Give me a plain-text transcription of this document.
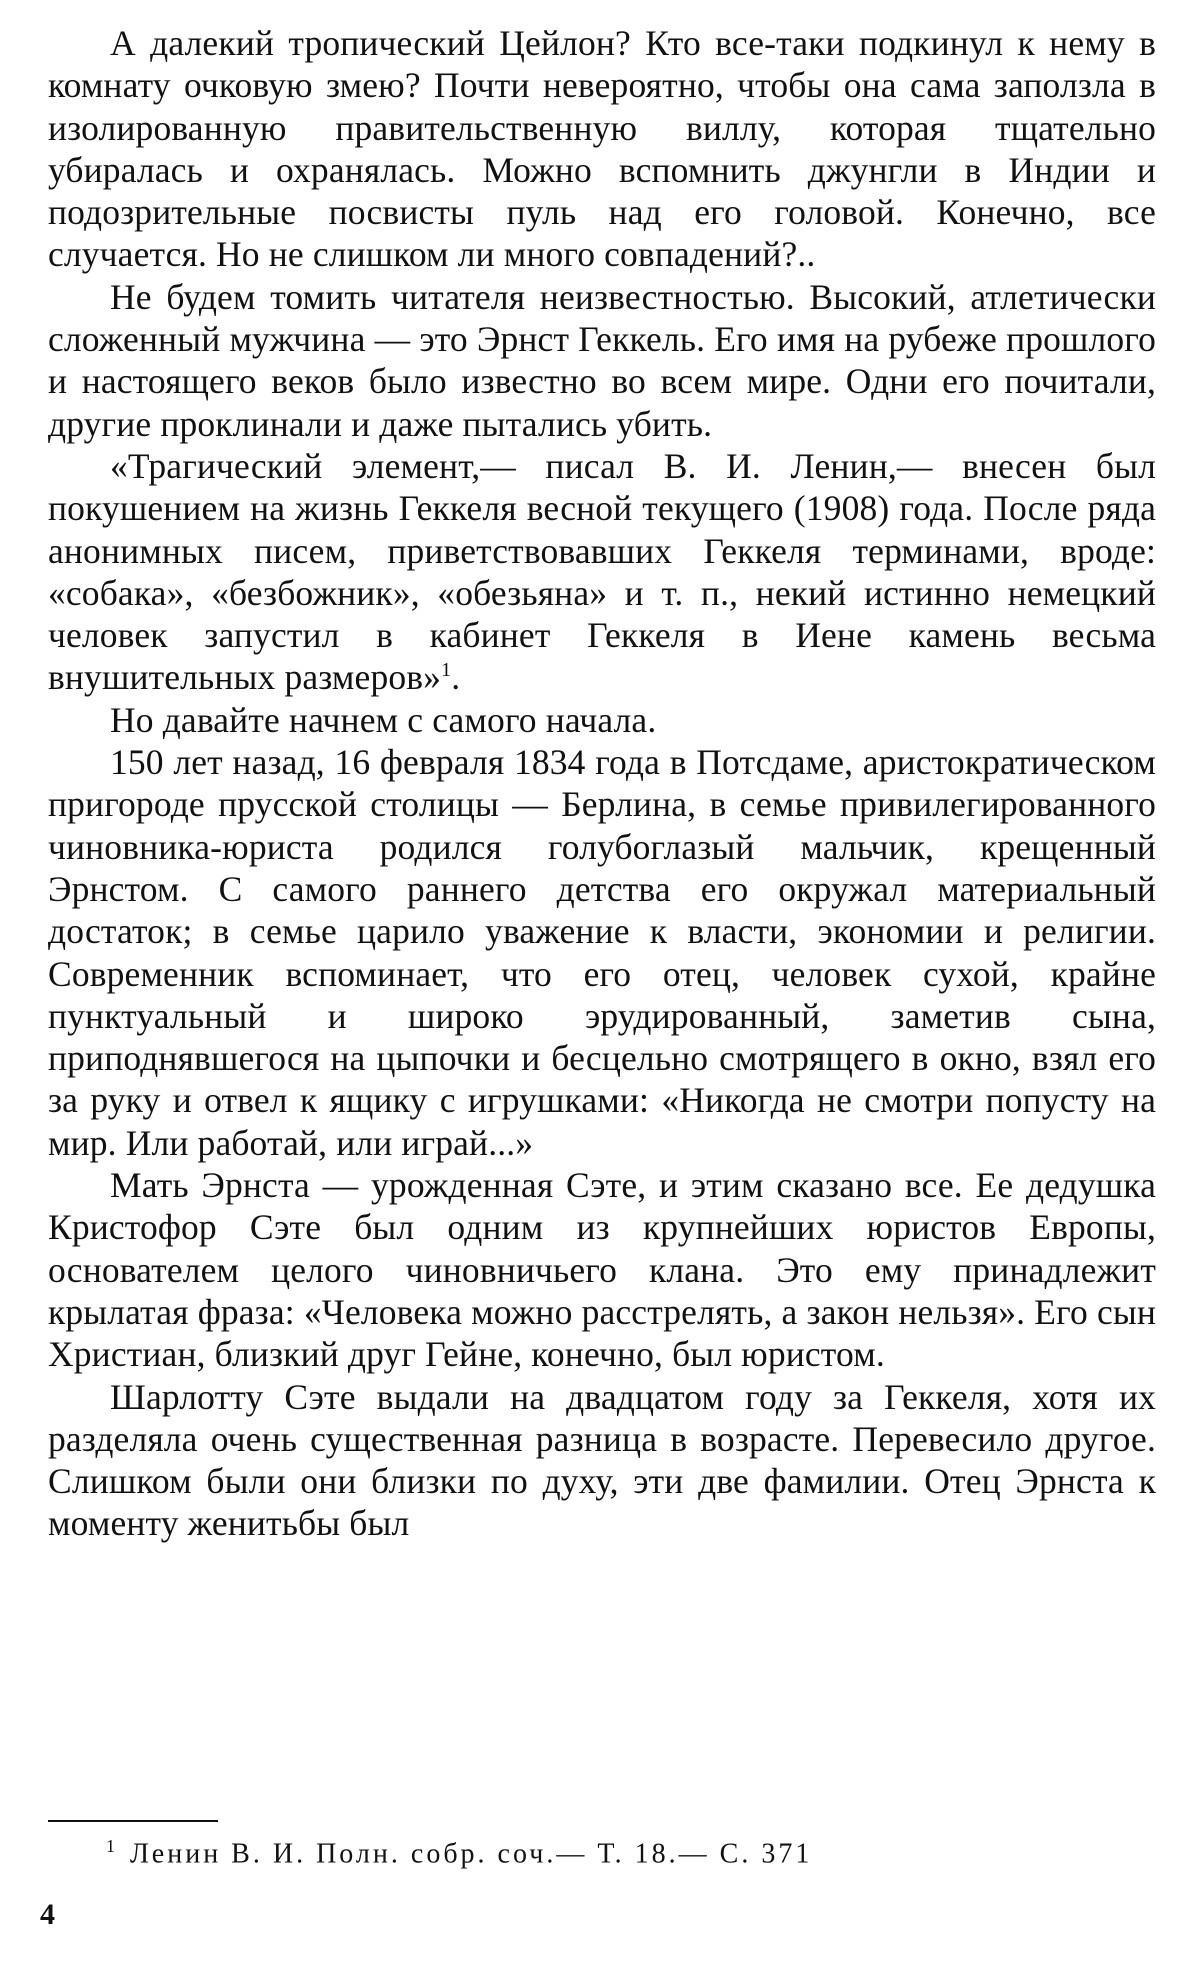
А далекий тропический Цейлон? Кто все-таки подкинул к нему в комнату очковую змею? Почти невероятно, чтобы она сама заползла в изолированную правительственную виллу, которая тщательно убиралась и охранялась. Можно вспомнить джунгли в Индии и подозрительные посвисты пуль над его головой. Конечно, все случается. Но не слишком ли много совпадений?..

Не будем томить читателя неизвестностью. Высокий, атлетически сложенный мужчина — это Эрнст Геккель. Его имя на рубеже прошлого и настоящего веков было известно во всем мире. Одни его почитали, другие проклинали и даже пытались убить.

«Трагический элемент,— писал В. И. Ленин,— внесен был покушением на жизнь Геккеля весной текущего (1908) года. После ряда анонимных писем, приветствовавших Геккеля терминами, вроде: «собака», «безбожник», «обезьяна» и т. п., некий истинно немецкий человек запустил в кабинет Геккеля в Иене камень весьма внушительных размеров»$^1$.

Но давайте начнем с самого начала.

150 лет назад, 16 февраля 1834 года в Потсдаме, аристократическом пригороде прусской столицы — Берлина, в семье привилегированного чиновника-юриста родился голубоглазый мальчик, крещенный Эрнстом. С самого раннего детства его окружал материальный достаток; в семье царило уважение к власти, экономии и религии. Современник вспоминает, что его отец, человек сухой, крайне пунктуальный и широко эрудированный, заметив сына, приподнявшегося на цыпочки и бесцельно смотрящего в окно, взял его за руку и отвел к ящику с игрушками: «Никогда не смотри попусту на мир. Или работай, или играй...»

Мать Эрнста — урожденная Сэте, и этим сказано все. Ее дедушка Кристофор Сэте был одним из крупнейших юристов Европы, основателем целого чиновничьего клана. Это ему принадлежит крылатая фраза: «Человека можно расстрелять, а закон нельзя». Его сын Христиан, близкий друг Гейне, конечно, был юристом.

Шарлотту Сэте выдали на двадцатом году за Геккеля, хотя их разделяла очень существенная разница в возрасте. Перевесило другое. Слишком были они близки по духу, эти две фамилии. Отец Эрнста к моменту женитьбы был

$^1$ Ленин В. И. Полн. собр. соч.— Т. 18.— С. 371
4
